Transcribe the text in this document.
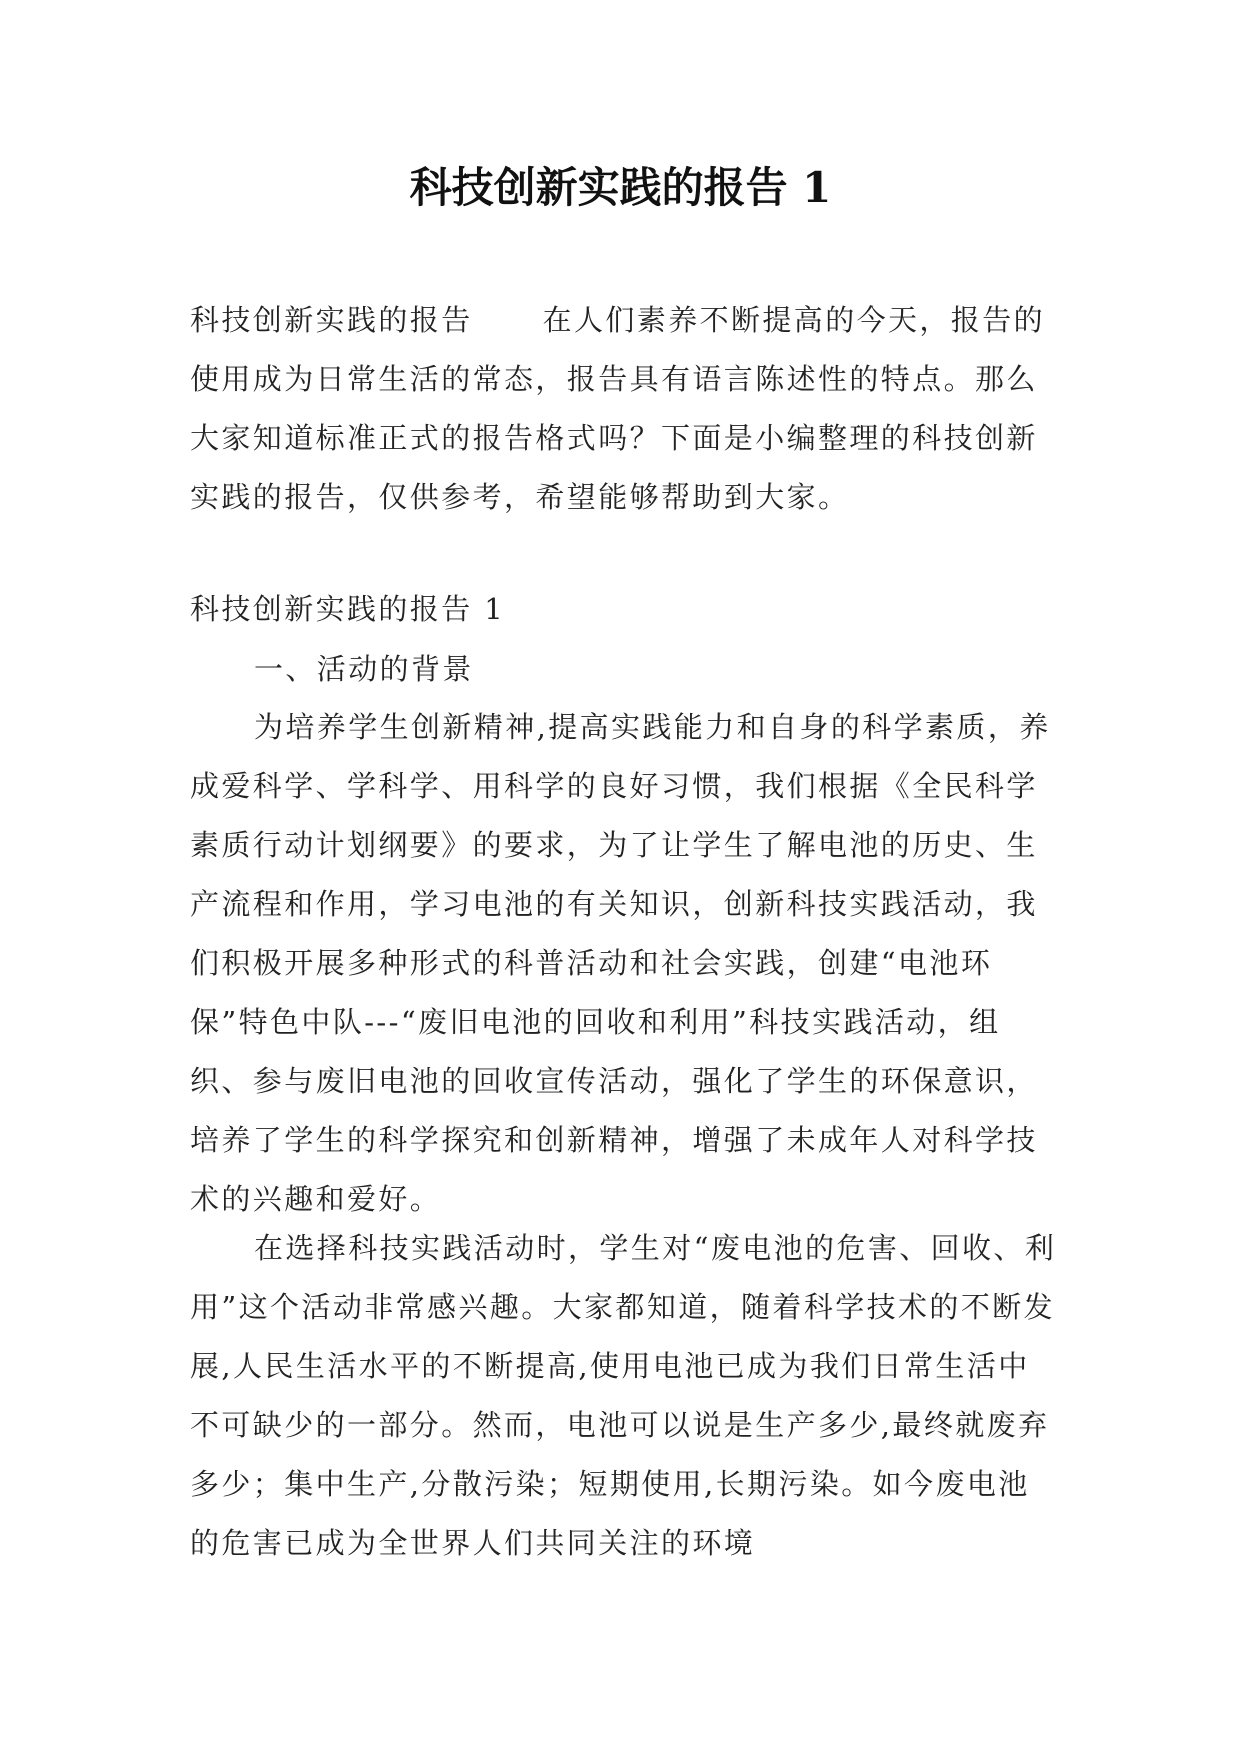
科技创新实践的报告 1

科技创新实践的报告 在人们素养不断提高的今天，报告的使用成为日常生活的常态，报告具有语言陈述性的特点。那么大家知道标准正式的报告格式吗？下面是小编整理的科技创新实践的报告，仅供参考，希望能够帮助到大家。

科技创新实践的报告 1

一、活动的背景

为培养学生创新精神,提高实践能力和自身的科学素质，养成爱科学、学科学、用科学的良好习惯，我们根据《全民科学素质行动计划纲要》的要求，为了让学生了解电池的历史、生产流程和作用，学习电池的有关知识，创新科技实践活动，我们积极开展多种形式的科普活动和社会实践，创建“电池环保”特色中队---“废旧电池的回收和利用”科技实践活动，组织、参与废旧电池的回收宣传活动，强化了学生的环保意识，培养了学生的科学探究和创新精神，增强了未成年人对科学技术的兴趣和爱好。

在选择科技实践活动时，学生对“废电池的危害、回收、利用”这个活动非常感兴趣。大家都知道，随着科学技术的不断发展,人民生活水平的不断提高,使用电池已成为我们日常生活中不可缺少的一部分。然而，电池可以说是生产多少,最终就废弃多少；集中生产,分散污染；短期使用,长期污染。如今废电池的危害已成为全世界人们共同关注的环境
